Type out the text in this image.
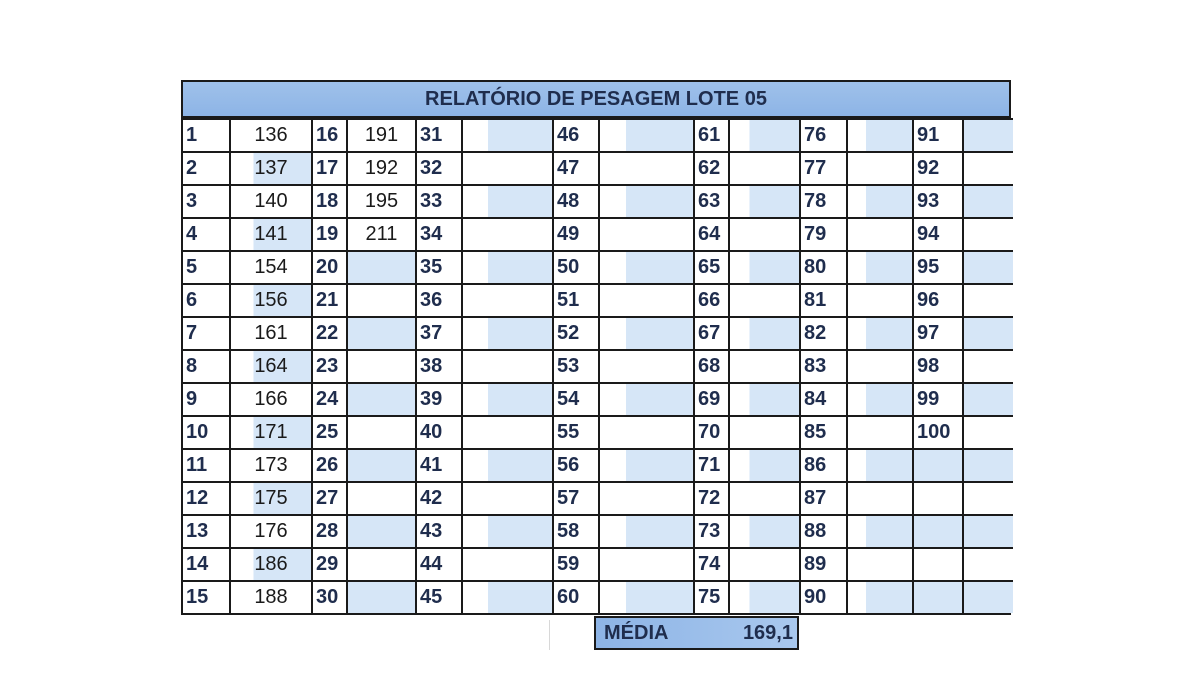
RELATÓRIO DE PESAGEM LOTE 05
1	136	16	191	31		46		61		76		91	
2	137	17	192	32		47		62		77		92	
3	140	18	195	33		48		63		78		93	
4	141	19	211	34		49		64		79		94	
5	154	20		35		50		65		80		95	
6	156	21		36		51		66		81		96	
7	161	22		37		52		67		82		97	
8	164	23		38		53		68		83		98	
9	166	24		39		54		69		84		99	
10	171	25		40		55		70		85		100	
11	173	26		41		56		71		86			
12	175	27		42		57		72		87			
13	176	28		43		58		73		88			
14	186	29		44		59		74		89			
15	188	30		45		60		75		90			
MÉDIA	169,1
